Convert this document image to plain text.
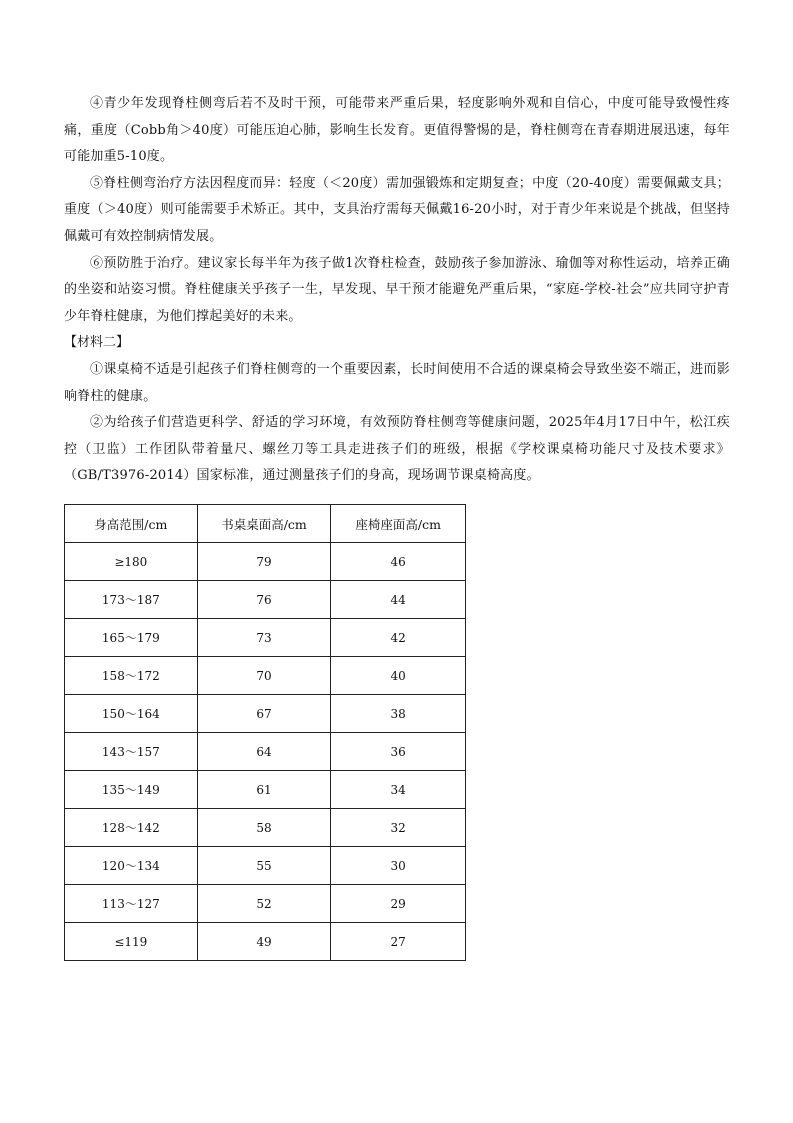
④青少年发现脊柱侧弯后若不及时干预，可能带来严重后果，轻度影响外观和自信心，中度可能导致慢性疼痛，重度（Cobb角＞40度）可能压迫心肺，影响生长发育。更值得警惕的是，脊柱侧弯在青春期进展迅速，每年可能加重5-10度。

⑤脊柱侧弯治疗方法因程度而异：轻度（＜20度）需加强锻炼和定期复查；中度（20-40度）需要佩戴支具；重度（＞40度）则可能需要手术矫正。其中，支具治疗需每天佩戴16-20小时，对于青少年来说是个挑战，但坚持佩戴可有效控制病情发展。

⑥预防胜于治疗。建议家长每半年为孩子做1次脊柱检查，鼓励孩子参加游泳、瑜伽等对称性运动，培养正确的坐姿和站姿习惯。脊柱健康关乎孩子一生，早发现、早干预才能避免严重后果，“家庭-学校-社会”应共同守护青少年脊柱健康，为他们撑起美好的未来。

【材料二】

①课桌椅不适是引起孩子们脊柱侧弯的一个重要因素，长时间使用不合适的课桌椅会导致坐姿不端正，进而影响脊柱的健康。

②为给孩子们营造更科学、舒适的学习环境，有效预防脊柱侧弯等健康问题，2025年4月17日中午，松江疾控（卫监）工作团队带着量尺、螺丝刀等工具走进孩子们的班级，根据《学校课桌椅功能尺寸及技术要求》（GB/T3976-2014）国家标准，通过测量孩子们的身高，现场调节课桌椅高度。

身高范围/cm	书桌桌面高/cm	座椅座面高/cm
≥180	79	46
173～187	76	44
165～179	73	42
158～172	70	40
150～164	67	38
143～157	64	36
135～149	61	34
128～142	58	32
120～134	55	30
113～127	52	29
≤119	49	27
